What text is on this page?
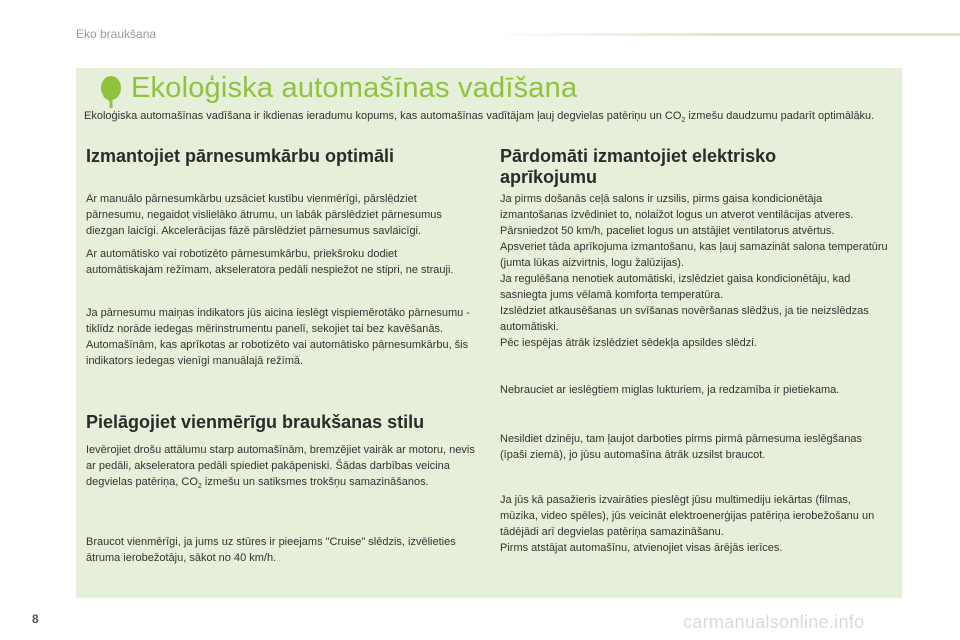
Eko braukšana
Ekoloģiska automašīnas vadīšana
Ekoloģiska automašīnas vadīšana ir ikdienas ieradumu kopums, kas automašīnas vadītājam ļauj degvielas patēriņu un $CO_2$ izmešu daudzumu padarīt optimālāku.
Izmantojiet pārnesumkārbu optimāli

Ar manuālo pārnesumkārbu uzsāciet kustību vienmērīgi, pārslēdziet pārnesumu, negaidot vislielāko ātrumu, un labāk pārslēdziet pārnesumus diezgan laicīgi. Akcelerācijas fāzē pārslēdziet pārnesumus savlaicīgi.

Ar automātisko vai robotizēto pārnesumkārbu, priekšroku dodiet automātiskajam režīmam, akseleratora pedāli nespiežot ne stipri, ne strauji.

Ja pārnesumu maiņas indikators jūs aicina ieslēgt vispiemērotāko pārnesumu - tiklīdz norāde iedegas mērinstrumentu panelī, sekojiet tai bez kavēšanās.

Automašīnām, kas aprīkotas ar robotizēto vai automātisko pārnesumkārbu, šis indikators iedegas vienīgi manuālajā režīmā.

Pielāgojiet vienmērīgu braukšanas stilu

Ievērojiet drošu attālumu starp automašīnām, bremzējiet vairāk ar motoru, nevis ar pedāli, akseleratora pedāli spiediet pakāpeniski. Šādas darbības veicina degvielas patēriņa, $CO_2$ izmešu un satiksmes trokšņu samazināšanos.

Braucot vienmērīgi, ja jums uz stūres ir pieejams "Cruise" slēdzis, izvēlieties ātruma ierobežotāju, sākot no 40 km/h.

Pārdomāti izmantojiet elektrisko aprīkojumu

Ja pirms došanās ceļā salons ir uzsilis, pirms gaisa kondicionētāja izmantošanas izvēdiniet to, nolaižot logus un atverot ventilācijas atveres.

Pārsniedzot 50 km/h, paceliet logus un atstājiet ventilatorus atvērtus.

Apsveriet tāda aprīkojuma izmantošanu, kas ļauj samazināt salona temperatūru (jumta lūkas aizvirtnis, logu žalūzijas).

Ja regulēšana nenotiek automātiski, izslēdziet gaisa kondicionētāju, kad sasniegta jums vēlamā komforta temperatūra.

Izslēdziet atkausēšanas un svīšanas novēršanas slēdžus, ja tie neizslēdzas automātiski.

Pēc iespējas ātrāk izslēdziet sēdekļa apsildes slēdzi.

Nebrauciet ar ieslēgtiem miglas lukturiem, ja redzamība ir pietiekama.

Nesildiet dzinēju, tam ļaujot darboties pirms pirmā pārnesuma ieslēgšanas (īpaši ziemā), jo jūsu automašīna ātrāk uzsilst braucot.

Ja jūs kā pasažieris izvairāties pieslēgt jūsu multimediju iekārtas (filmas, mūzika, video spēles), jūs veicināt elektroenerģijas patēriņa ierobežošanu un tādējādi arī degvielas patēriņa samazināšanu.

Pirms atstājat automašīnu, atvienojiet visas ārējās ierīces.

8	carmanualsonline.info
